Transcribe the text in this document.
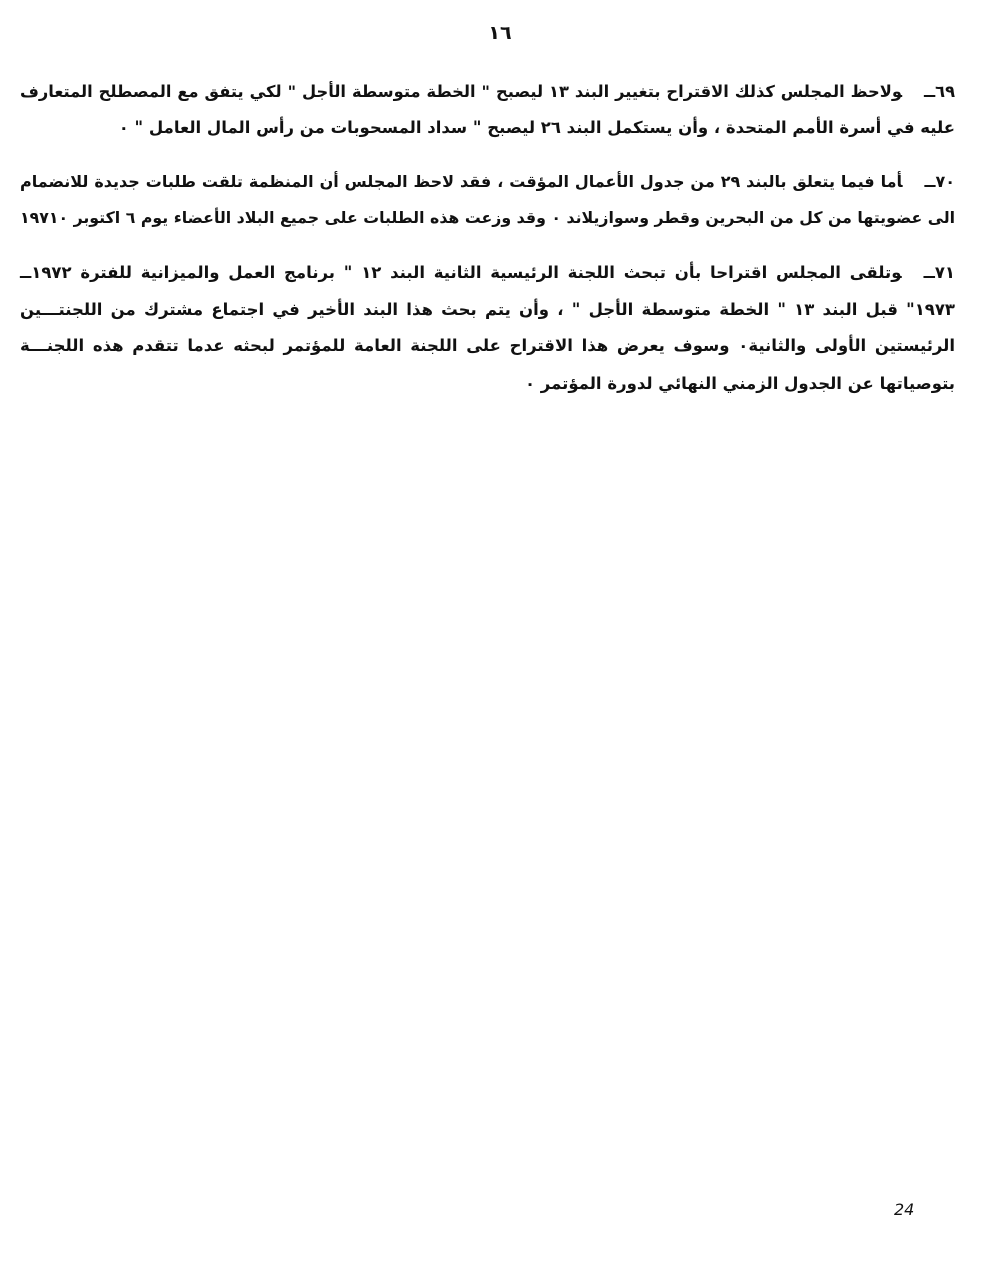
١٦
٦٩ــولاحظ المجلس كذلك الاقتراح بتغيير البند ١٣ ليصبح " الخطة متوسطة الأجل " لكي يتفق مع المصطلح المتعارف
عليه في أسرة الأمم المتحدة ، وأن يستكمل البند ٢٦ ليصبح " سداد المسحوبات من رأس المال العامل " ٠
٧٠ــأما فيما يتعلق بالبند ٢٩ من جدول الأعمال المؤقت ، فقد لاحظ المجلس أن المنظمة تلقت طلبات جديدة للانضمام
الى عضويتها من كل من البحرين وقطر وسوازيلاند ٠ وقد وزعت هذه الطلبات على جميع البلاد الأعضاء يوم ٦ اكتوبر ١٩٧١٠
٧١ــوتلقى المجلس اقتراحا بأن تبحث اللجنة الرئيسية الثانية البند ١٢ " برنامج العمل والميزانية للفترة ١٩٧٢ــ
١٩٧٣" قبل البند ١٣ " الخطة متوسطة الأجل " ، وأن يتم بحث هذا البند الأخير في اجتماع مشترك من اللجنتـــين
الرئيستين الأولى والثانية٠ وسوف يعرض هذا الاقتراح على اللجنة العامة للمؤتمر لبحثه عدما تتقدم هذه اللجنـــة
بتوصياتها عن الجدول الزمني النهائي لدورة المؤتمر ٠
24
